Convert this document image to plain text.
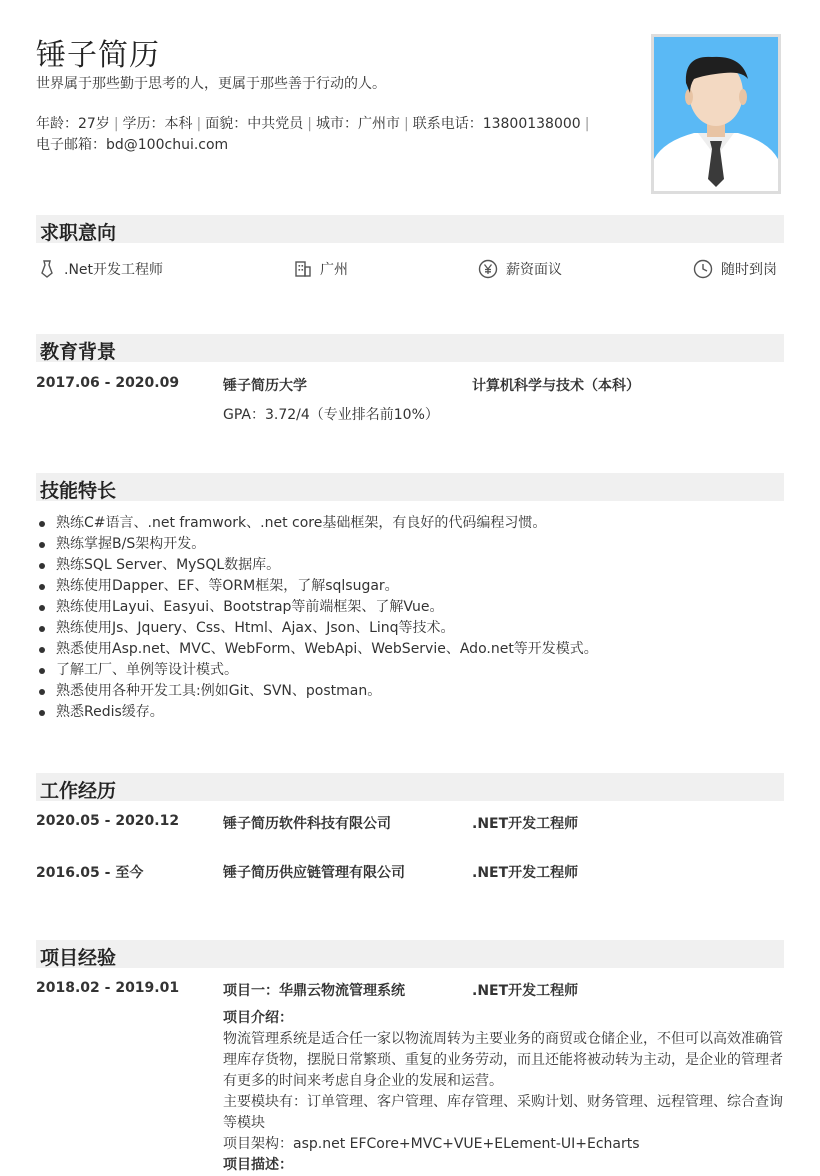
锤子简历
世界属于那些勤于思考的人，更属于那些善于行动的人。
年龄：27岁 | 学历：本科 | 面貌：中共党员 | 城市：广州市 | 联系电话：13800138000 |
电子邮箱：bd@100chui.com
求职意向
.Net开发工程师	广州	薪资面议	随时到岗
教育背景
2017.06 - 2020.09	锤子简历大学	计算机科学与技术（本科）
GPA：3.72/4（专业排名前10%）
技能特长
熟练C#语言、.net framwork、.net core基础框架，有良好的代码编程习惯。
熟练掌握B/S架构开发。
熟练SQL Server、MySQL数据库。
熟练使用Dapper、EF、等ORM框架，了解sqlsugar。
熟练使用Layui、Easyui、Bootstrap等前端框架、了解Vue。
熟练使用Js、Jquery、Css、Html、Ajax、Json、Linq等技术。
熟悉使用Asp.net、MVC、WebForm、WebApi、WebServie、Ado.net等开发模式。
了解工厂、单例等设计模式。
熟悉使用各种开发工具:例如Git、SVN、postman。
熟悉Redis缓存。
工作经历
2020.05 - 2020.12	锤子简历软件科技有限公司	.NET开发工程师
2016.05 - 至今	锤子简历供应链管理有限公司	.NET开发工程师
项目经验
2018.02 - 2019.01	项目一：华鼎云物流管理系统	.NET开发工程师
项目介绍：
物流管理系统是适合任一家以物流周转为主要业务的商贸或仓储企业，不但可以高效准确管理库存货物，摆脱日常繁琐、重复的业务劳动，而且还能将被动转为主动，是企业的管理者有更多的时间来考虑自身企业的发展和运营。
主要模块有：订单管理、客户管理、库存管理、采购计划、财务管理、远程管理、综合查询等模块
项目架构：asp.net EFCore+MVC+VUE+ELement-UI+Echarts
项目描述：
